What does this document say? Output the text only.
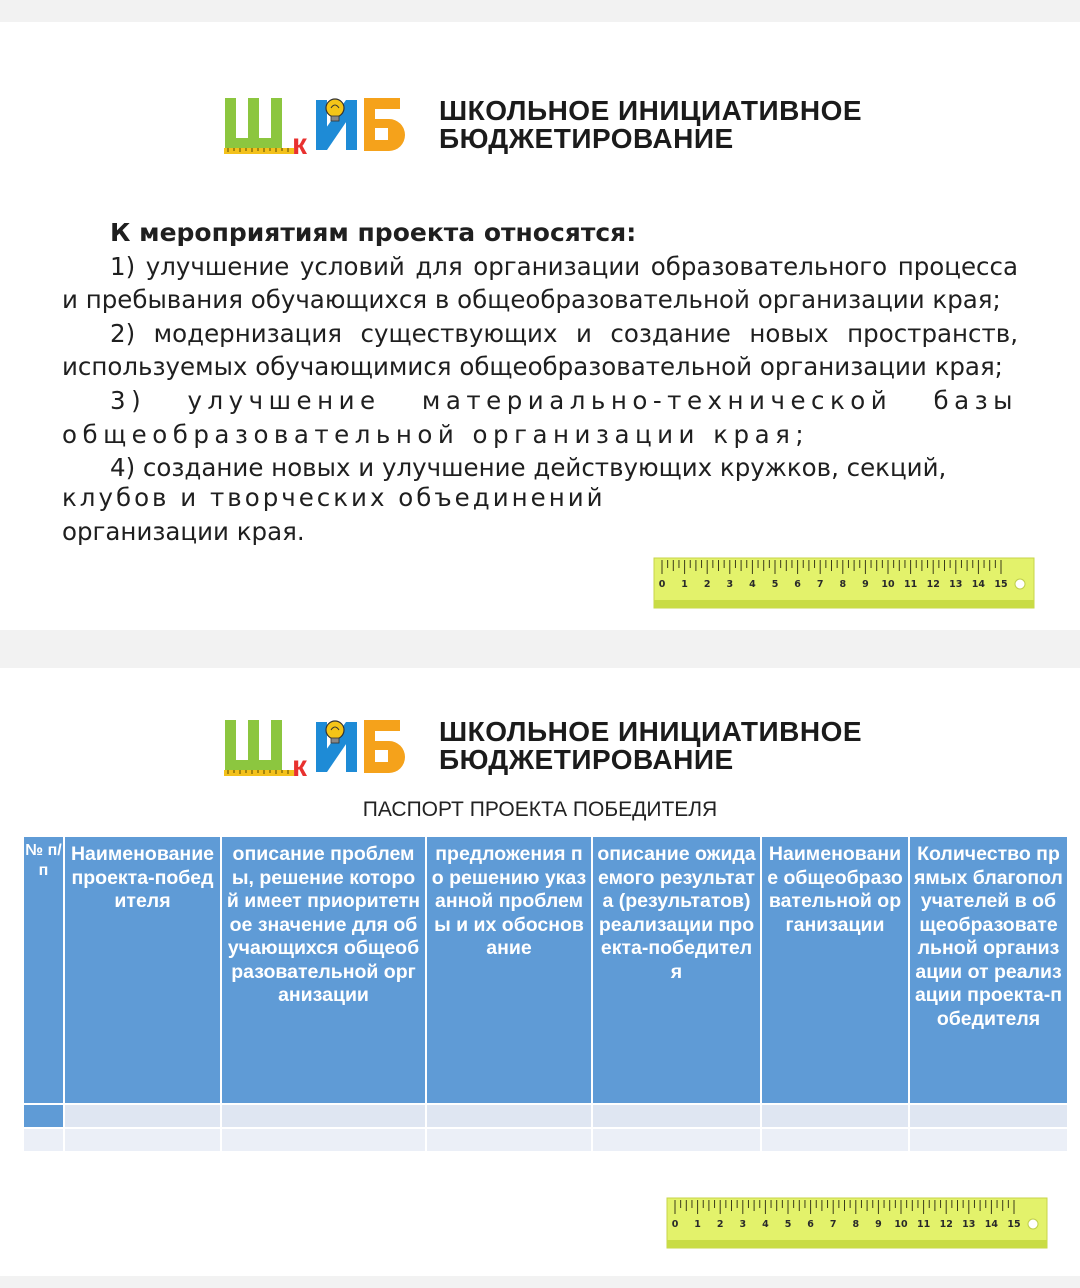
к
ШКОЛЬНОЕ ИНИЦИАТИВНОЕ
БЮДЖЕТИРОВАНИЕ
К мероприятиям проекта относятся:

1) улучшение условий для организации образовательного процесса и пребывания обучающихся в общеобразовательной организации края;

2) модернизация существующих и создание новых пространств, используемых обучающимися общеобразовательной организации края;

3) улучшение материально-технической базы общеобразовательной организации края;

4) создание новых и улучшение действующих кружков, секций,

клубов и творческих объединений

организации края.

0 1 2 3 4 5 6 7 8 9 10 11 12 13 14 15
к
ШКОЛЬНОЕ ИНИЦИАТИВНОЕ
БЮДЖЕТИРОВАНИЕ
ПАСПОРТ ПРОЕКТА ПОБЕДИТЕЛЯ
№ п/п	Наименование проекта-победителя	описание проблемы, решение которой имеет приоритетное значение для обучающихся общеобразовательной организации	предложения по решению указанной проблемы и их обоснование	описание ожидаемого результата (результатов) реализации проекта-победителя	Наименование общеобразовательной организации	Количество прямых благополучателей в общеобразовательной организации от реализации проекта-победителя

0 1 2 3 4 5 6 7 8 9 10 11 12 13 14 15
